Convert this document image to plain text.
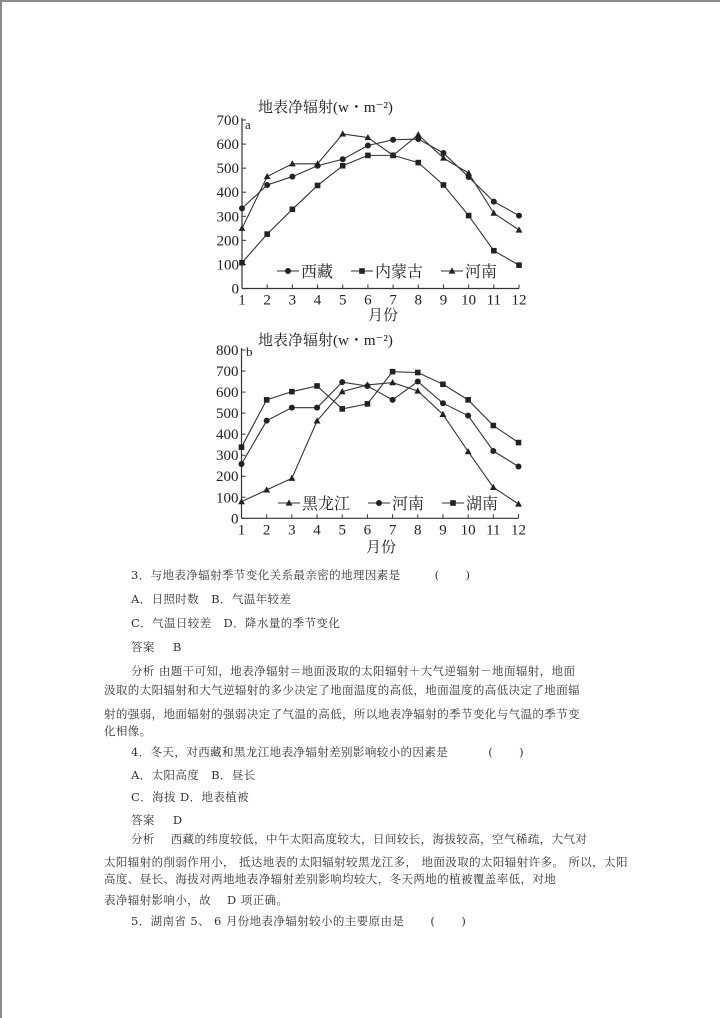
地表净辐射(w・m⁻²)
a
0
100
200
300
400
500
600
700
1 2 3 4 5 6 7 8 9 10 11 12
西藏	内蒙古	河南
月份
地表净辐射(w・m⁻²)
b
0
100
200
300
400
500
600
700
800
1 2 3 4 5 6 7 8 9 10 11 12
黑龙江	河南	湖南
月份
3．与地表净辐射季节变化关系最亲密的地理因素是	( )
A．日照时数　B．气温年较差
C．气温日较差　D．降水量的季节变化
答案 B
分析 由题干可知，地表净辐射＝地面汲取的太阳辐射＋大气逆辐射－地面辐射，地面
汲取的太阳辐射和大气逆辐射的多少决定了地面温度的高低，地面温度的高低决定了地面辐
射的强弱，地面辐射的强弱决定了气温的高低，所以地表净辐射的季节变化与气温的季节变
化相像。
4．冬天，对西藏和黑龙江地表净辐射差别影响较小的因素是	( )
A．太阳高度　B．昼长
C．海拔 D．地表植被
答案 D
分析　 西藏的纬度较低，中午太阳高度较大，日间较长，海拔较高，空气稀疏，大气对
太阳辐射的削弱作用小， 抵达地表的太阳辐射较黑龙江多， 地面汲取的太阳辐射许多。 所以，太阳
高度、昼长、海拔对两地地表净辐射差别影响均较大，冬天两地的植被覆盖率低，对地
表净辐射影响小，故　 D 项正确。
5．湖南省 5、 6 月份地表净辐射较小的主要原由是 ( )
